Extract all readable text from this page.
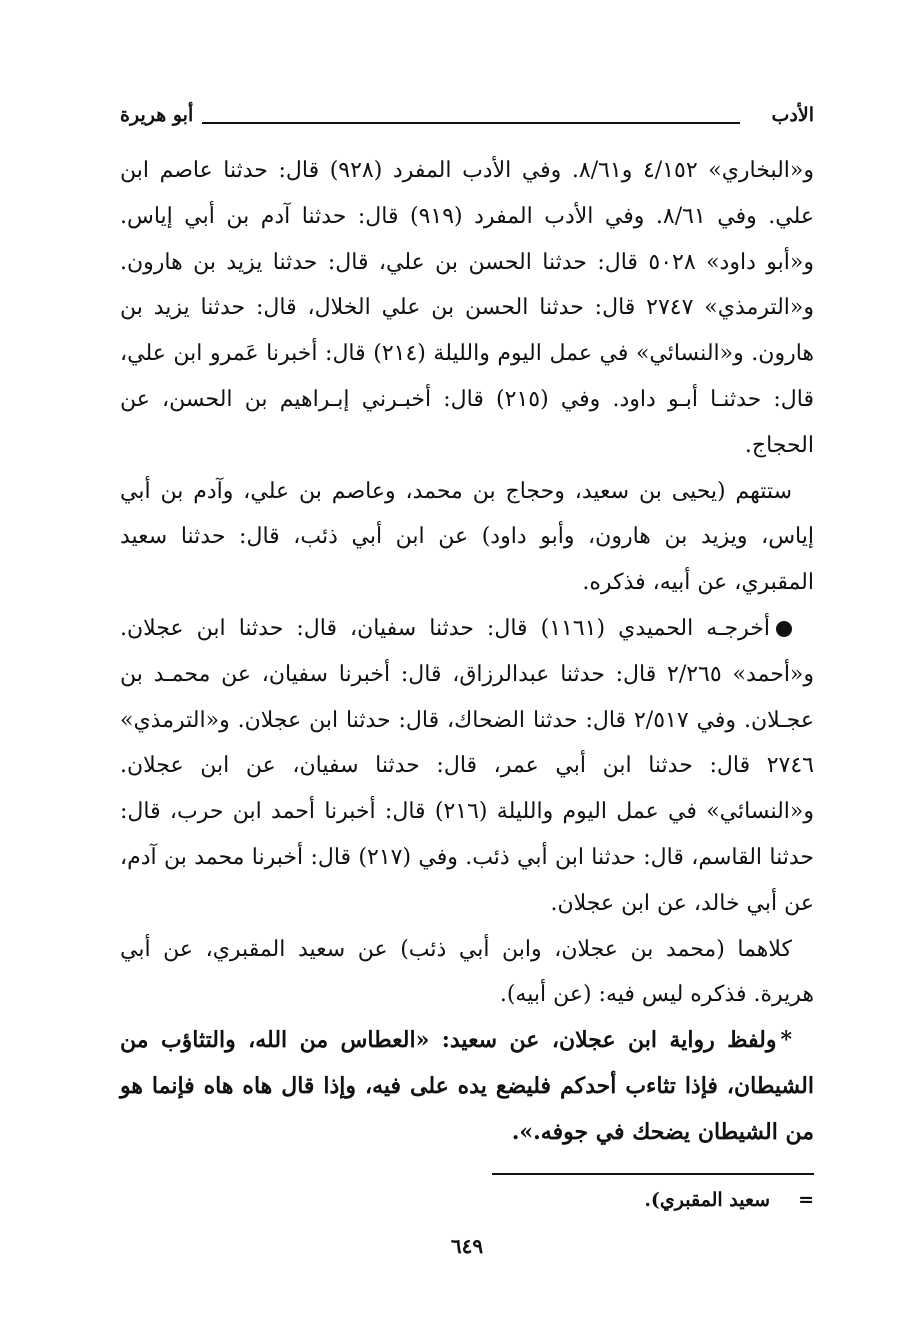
الأدب
أبو هريرة

و«البخاري» ٤/١٥٢ و٨/٦١. وفي الأدب المفرد (٩٢٨) قال: حدثنا عاصم ابن علي. وفي ٨/٦١. وفي الأدب المفرد (٩١٩) قال: حدثنا آدم بن أبي إياس. و«أبو داود» ٥٠٢٨ قال: حدثنا الحسن بن علي، قال: حدثنا يزيد بن هارون. و«الترمذي» ٢٧٤٧ قال: حدثنا الحسن بن علي الخلال، قال: حدثنا يزيد بن هارون. و«النسائي» في عمل اليوم والليلة (٢١٤) قال: أخبرنا عَمرو ابن علي، قال: حدثنـا أبـو داود. وفي (٢١٥) قال: أخبـرني إبـراهيم بن الحسن، عن الحجاج.

ستتهم (يحيى بن سعيد، وحجاج بن محمد، وعاصم بن علي، وآدم بن أبي إياس، ويزيد بن هارون، وأبو داود) عن ابن أبي ذئب، قال: حدثنا سعيد المقبري، عن أبيه، فذكره.

أخرجـه الحميدي (١١٦١) قال: حدثنا سفيان، قال: حدثنا ابن عجلان. و«أحمد» ٢/٢٦٥ قال: حدثنا عبدالرزاق، قال: أخبرنا سفيان، عن محمـد بن عجـلان. وفي ٢/٥١٧ قال: حدثنا الضحاك، قال: حدثنا ابن عجلان. و«الترمذي» ٢٧٤٦ قال: حدثنا ابن أبي عمر، قال: حدثنا سفيان، عن ابن عجلان. و«النسائي» في عمل اليوم والليلة (٢١٦) قال: أخبرنا أحمد ابن حرب، قال: حدثنا القاسم، قال: حدثنا ابن أبي ذئب. وفي (٢١٧) قال: أخبرنا محمد بن آدم، عن أبي خالد، عن ابن عجلان.

كلاهما (محمد بن عجلان، وابن أبي ذئب) عن سعيد المقبري، عن أبي هريرة. فذكره ليس فيه: (عن أبيه).

*ولفظ رواية ابن عجلان، عن سعيد: «العطاس من الله، والتثاؤب من الشيطان، فإذا تثاءب أحدكم فليضع يده على فيه، وإذا قال هاه هاه فإنما هو من الشيطان يضحك في جوفه.».

=سعيد المقبري).
٦٤٩
